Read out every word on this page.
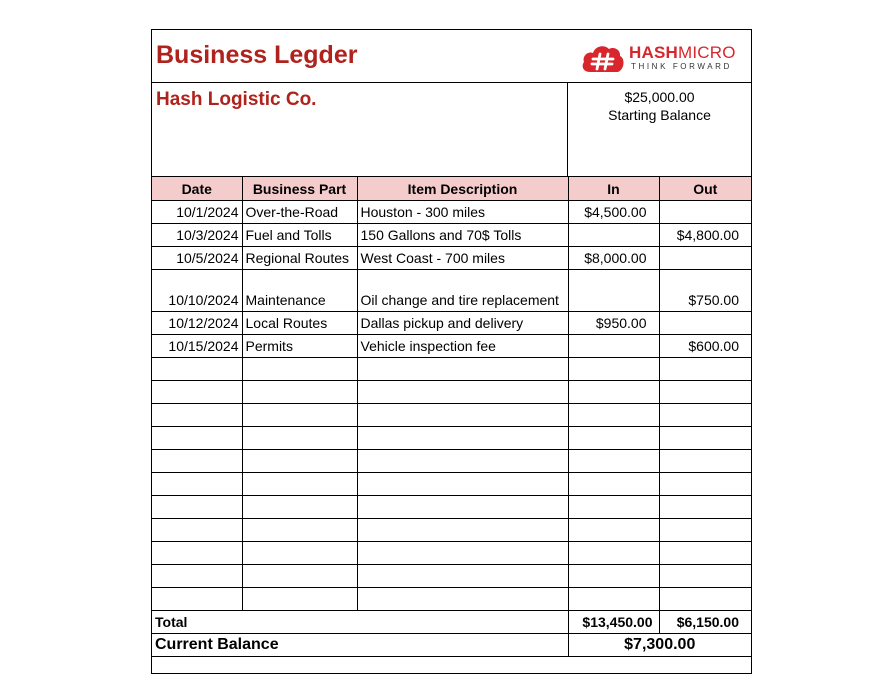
Business Legder	HASHMICRO
THINK FORWARD
Hash Logistic Co.	$25,000.00
Starting Balance
Date	Business Part	Item Description	In	Out
10/1/2024	Over-the-Road	Houston - 300 miles	$4,500.00	
10/3/2024	Fuel and Tolls	150 Gallons and 70$ Tolls		$4,800.00
10/5/2024	Regional Routes	West Coast - 700 miles	$8,000.00	
10/10/2024	Maintenance	Oil change and tire replacement		$750.00
10/12/2024	Local Routes	Dallas pickup and delivery	$950.00	
10/15/2024	Permits	Vehicle inspection fee		$600.00

Total			$13,450.00	$6,150.00
Current Balance			$7,300.00	
